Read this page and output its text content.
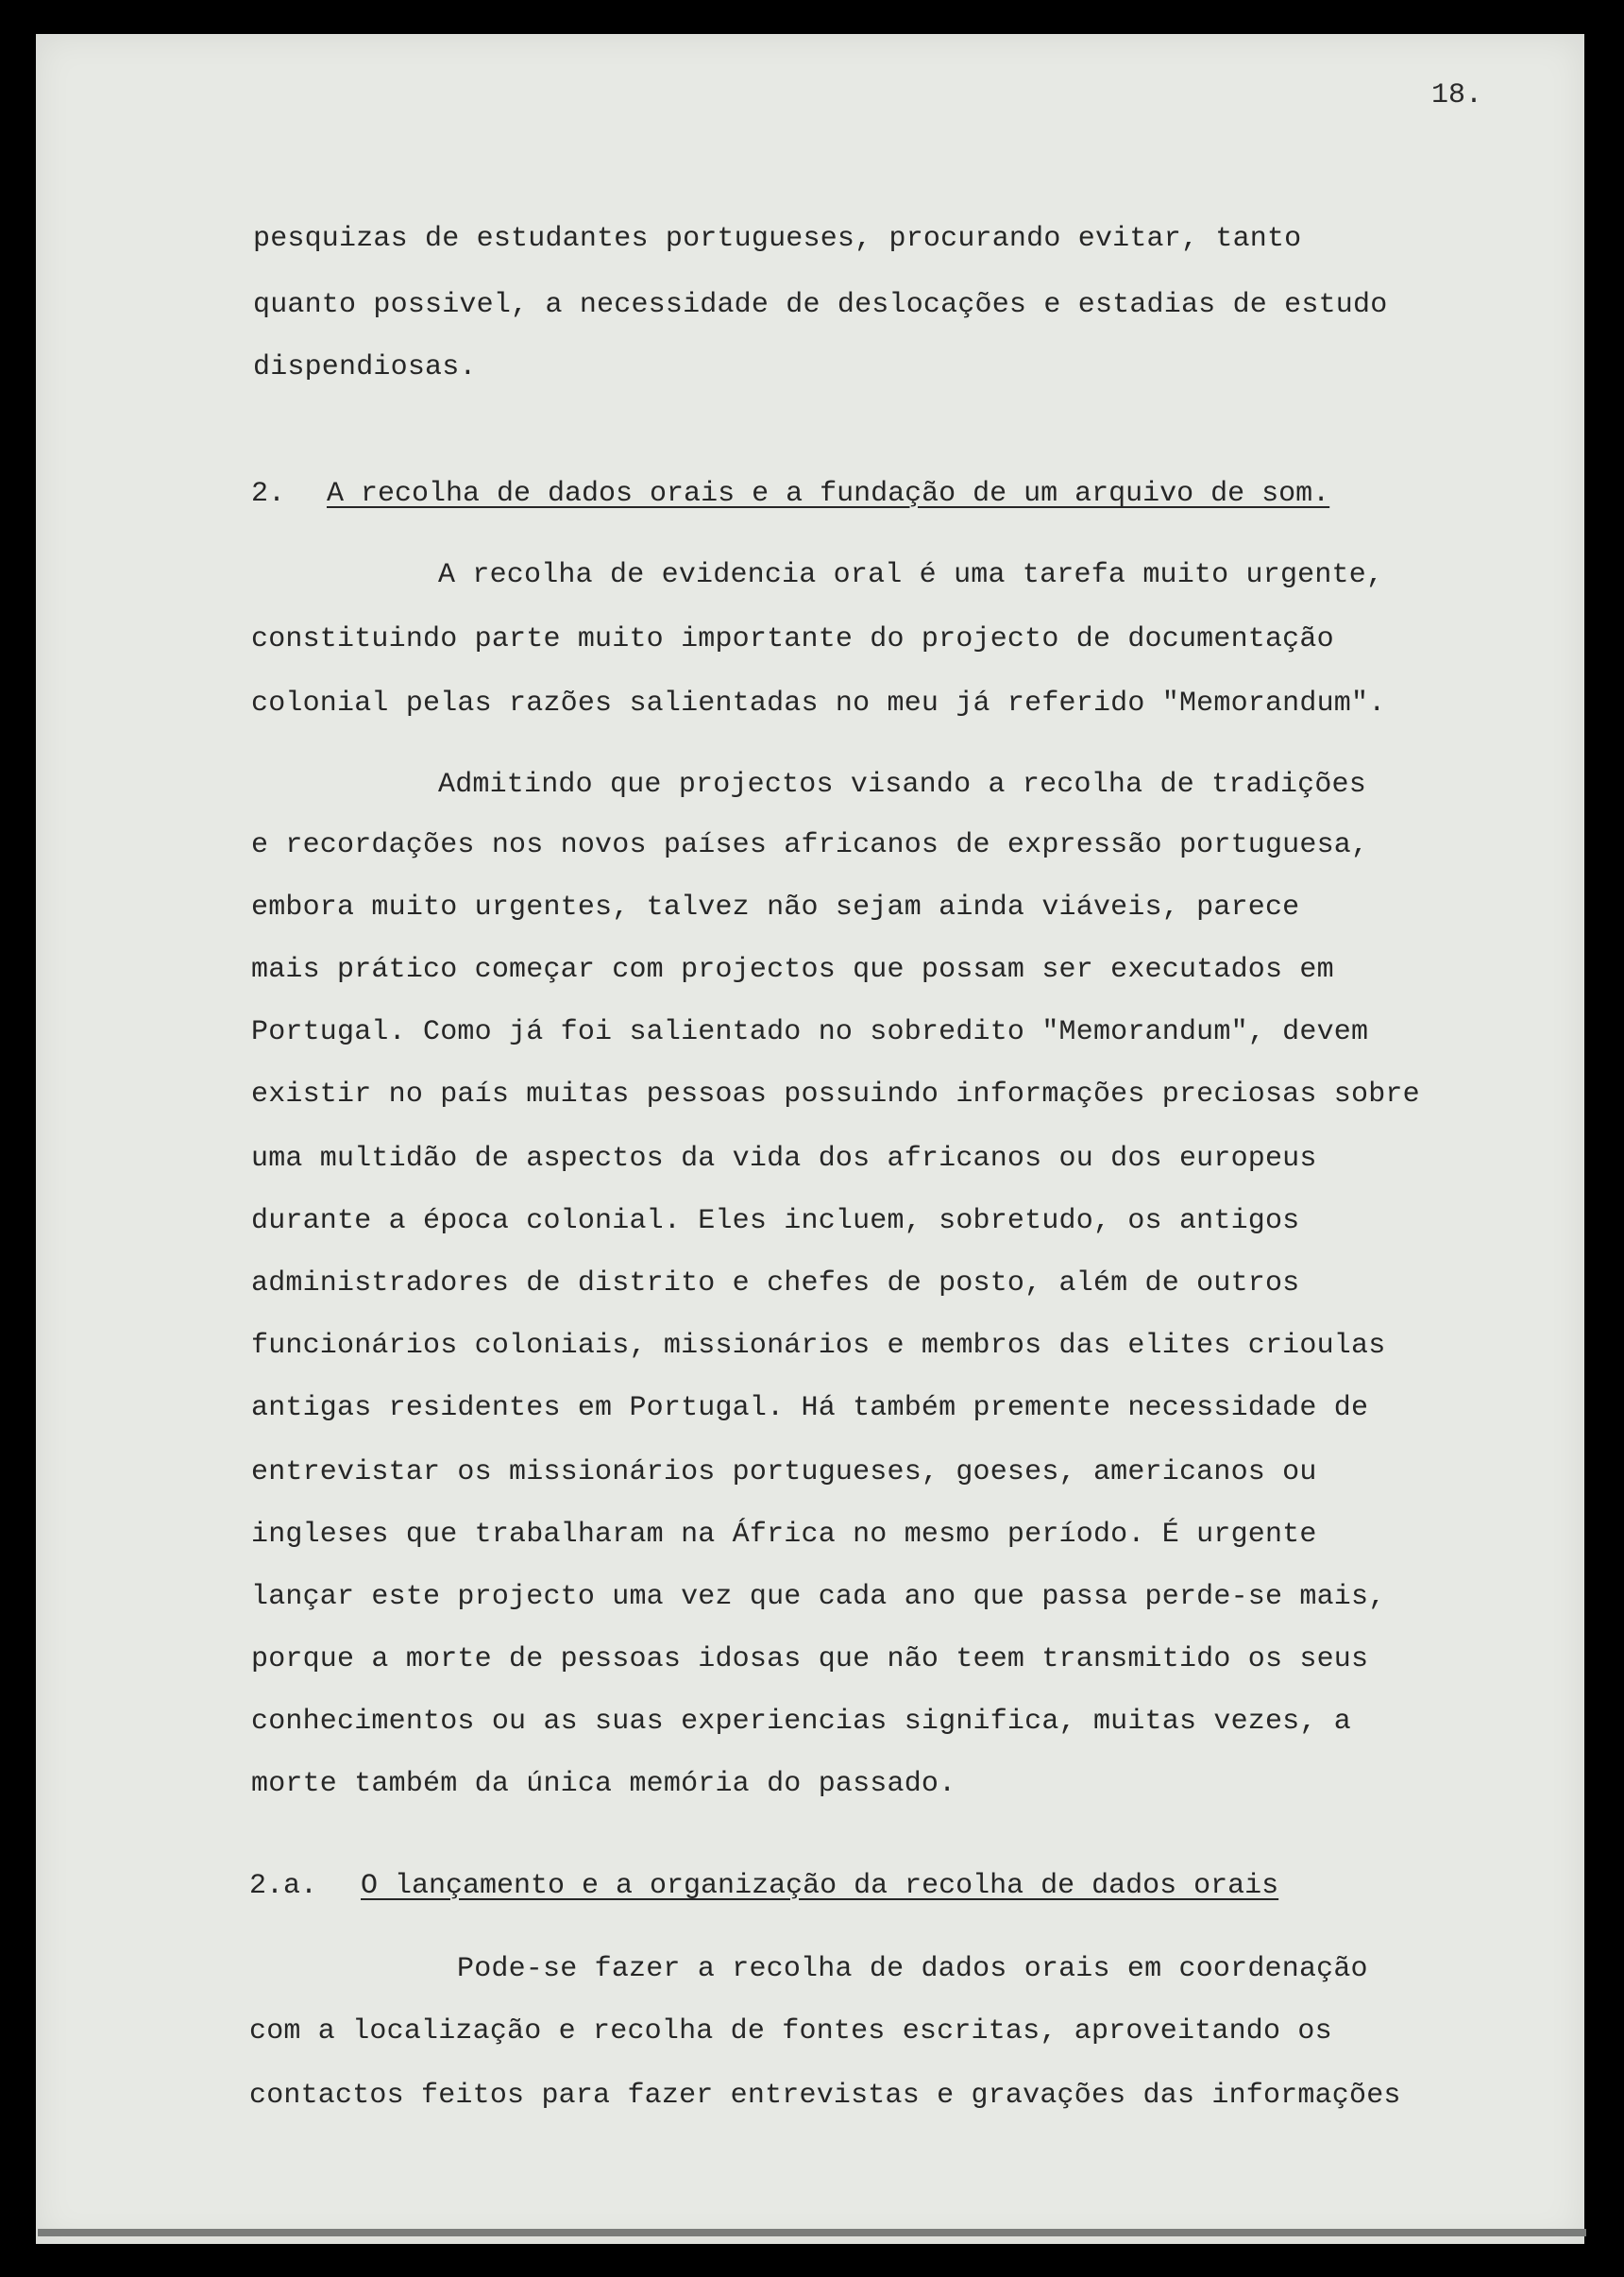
18.
pesquizas de estudantes portugueses, procurando evitar, tanto
quanto possivel, a necessidade de deslocações e estadias de estudo
dispendiosas.
2. A recolha de dados orais e a fundação de um arquivo de som.
A recolha de evidencia oral é uma tarefa muito urgente,
constituindo parte muito importante do projecto de documentação
colonial pelas razões salientadas no meu já referido "Memorandum".
Admitindo que projectos visando a recolha de tradições
e recordações nos novos países africanos de expressão portuguesa,
embora muito urgentes, talvez não sejam ainda viáveis, parece
mais prático começar com projectos que possam ser executados em
Portugal. Como já foi salientado no sobredito "Memorandum", devem
existir no país muitas pessoas possuindo informações preciosas sobre
uma multidão de aspectos da vida dos africanos ou dos europeus
durante a época colonial. Eles incluem, sobretudo, os antigos
administradores de distrito e chefes de posto, além de outros
funcionários coloniais, missionários e membros das elites crioulas
antigas residentes em Portugal. Há também premente necessidade de
entrevistar os missionários portugueses, goeses, americanos ou
ingleses que trabalharam na África no mesmo período. É urgente
lançar este projecto uma vez que cada ano que passa perde-se mais,
porque a morte de pessoas idosas que não teem transmitido os seus
conhecimentos ou as suas experiencias significa, muitas vezes, a
morte também da única memória do passado.
2.a. O lançamento e a organização da recolha de dados orais
Pode-se fazer a recolha de dados orais em coordenação
com a localização e recolha de fontes escritas, aproveitando os
contactos feitos para fazer entrevistas e gravações das informações
